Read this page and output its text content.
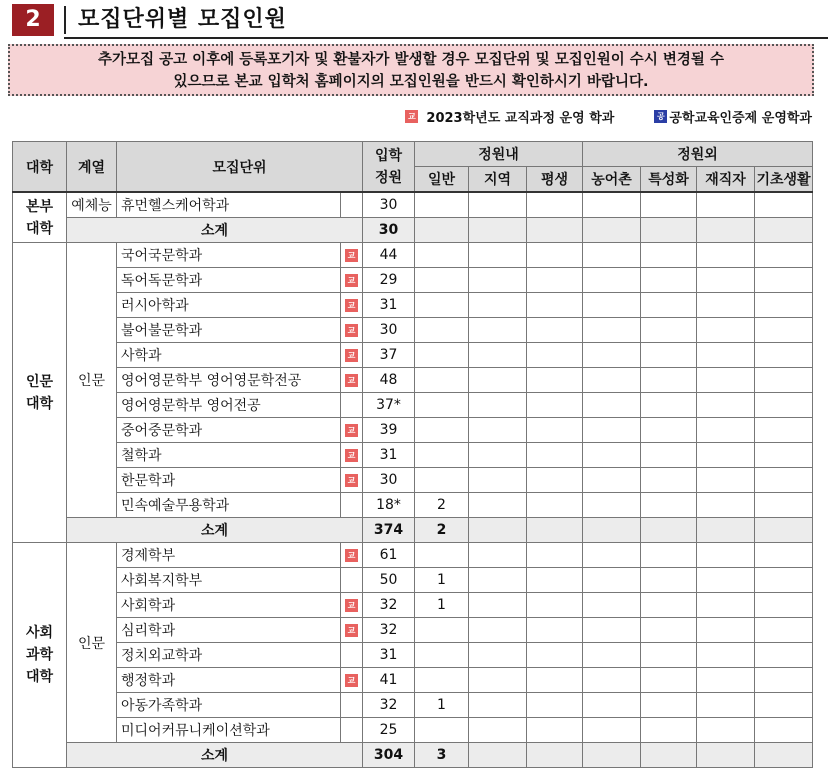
2	모집단위별 모집인원

추가모집 공고 이후에 등록포기자 및 환불자가 발생할 경우 모집단위 및 모집인원이 수시 변경될 수

있으므로 본교 입학처 홈페이지의 모집인원을 반드시 확인하시기 바랍니다.

교 2023학년도 교직과정 운영 학과	공 공학교육인증제 운영학과
대학	계열	모집단위		입학
정원	정원내			정원외			
					일반	지역	평생	농어촌	특성화	재직자	기초생활

본부
대학	예체능	휴먼헬스케어학과		30							
	소계			30							

인문
대학	인문	국어국문학과	교	44							
		독어독문학과	교	29							
		러시아학과	교	31							
		불어불문학과	교	30							
		사학과	교	37							
		영어영문학부 영어영문학전공	교	48							
		영어영문학부 영어전공		37*							
		중어중문학과	교	39							
		철학과	교	31							
		한문학과	교	30							
		민속예술무용학과		18*	2						
	소계			374	2						

사회
과학
대학	인문	경제학부	교	61							
		사회복지학부		50	1						
		사회학과	교	32	1						
		심리학과	교	32							
		정치외교학과		31							
		행정학과	교	41							
		아동가족학과		32	1						
		미디어커뮤니케이션학과		25							
	소계			304	3						
